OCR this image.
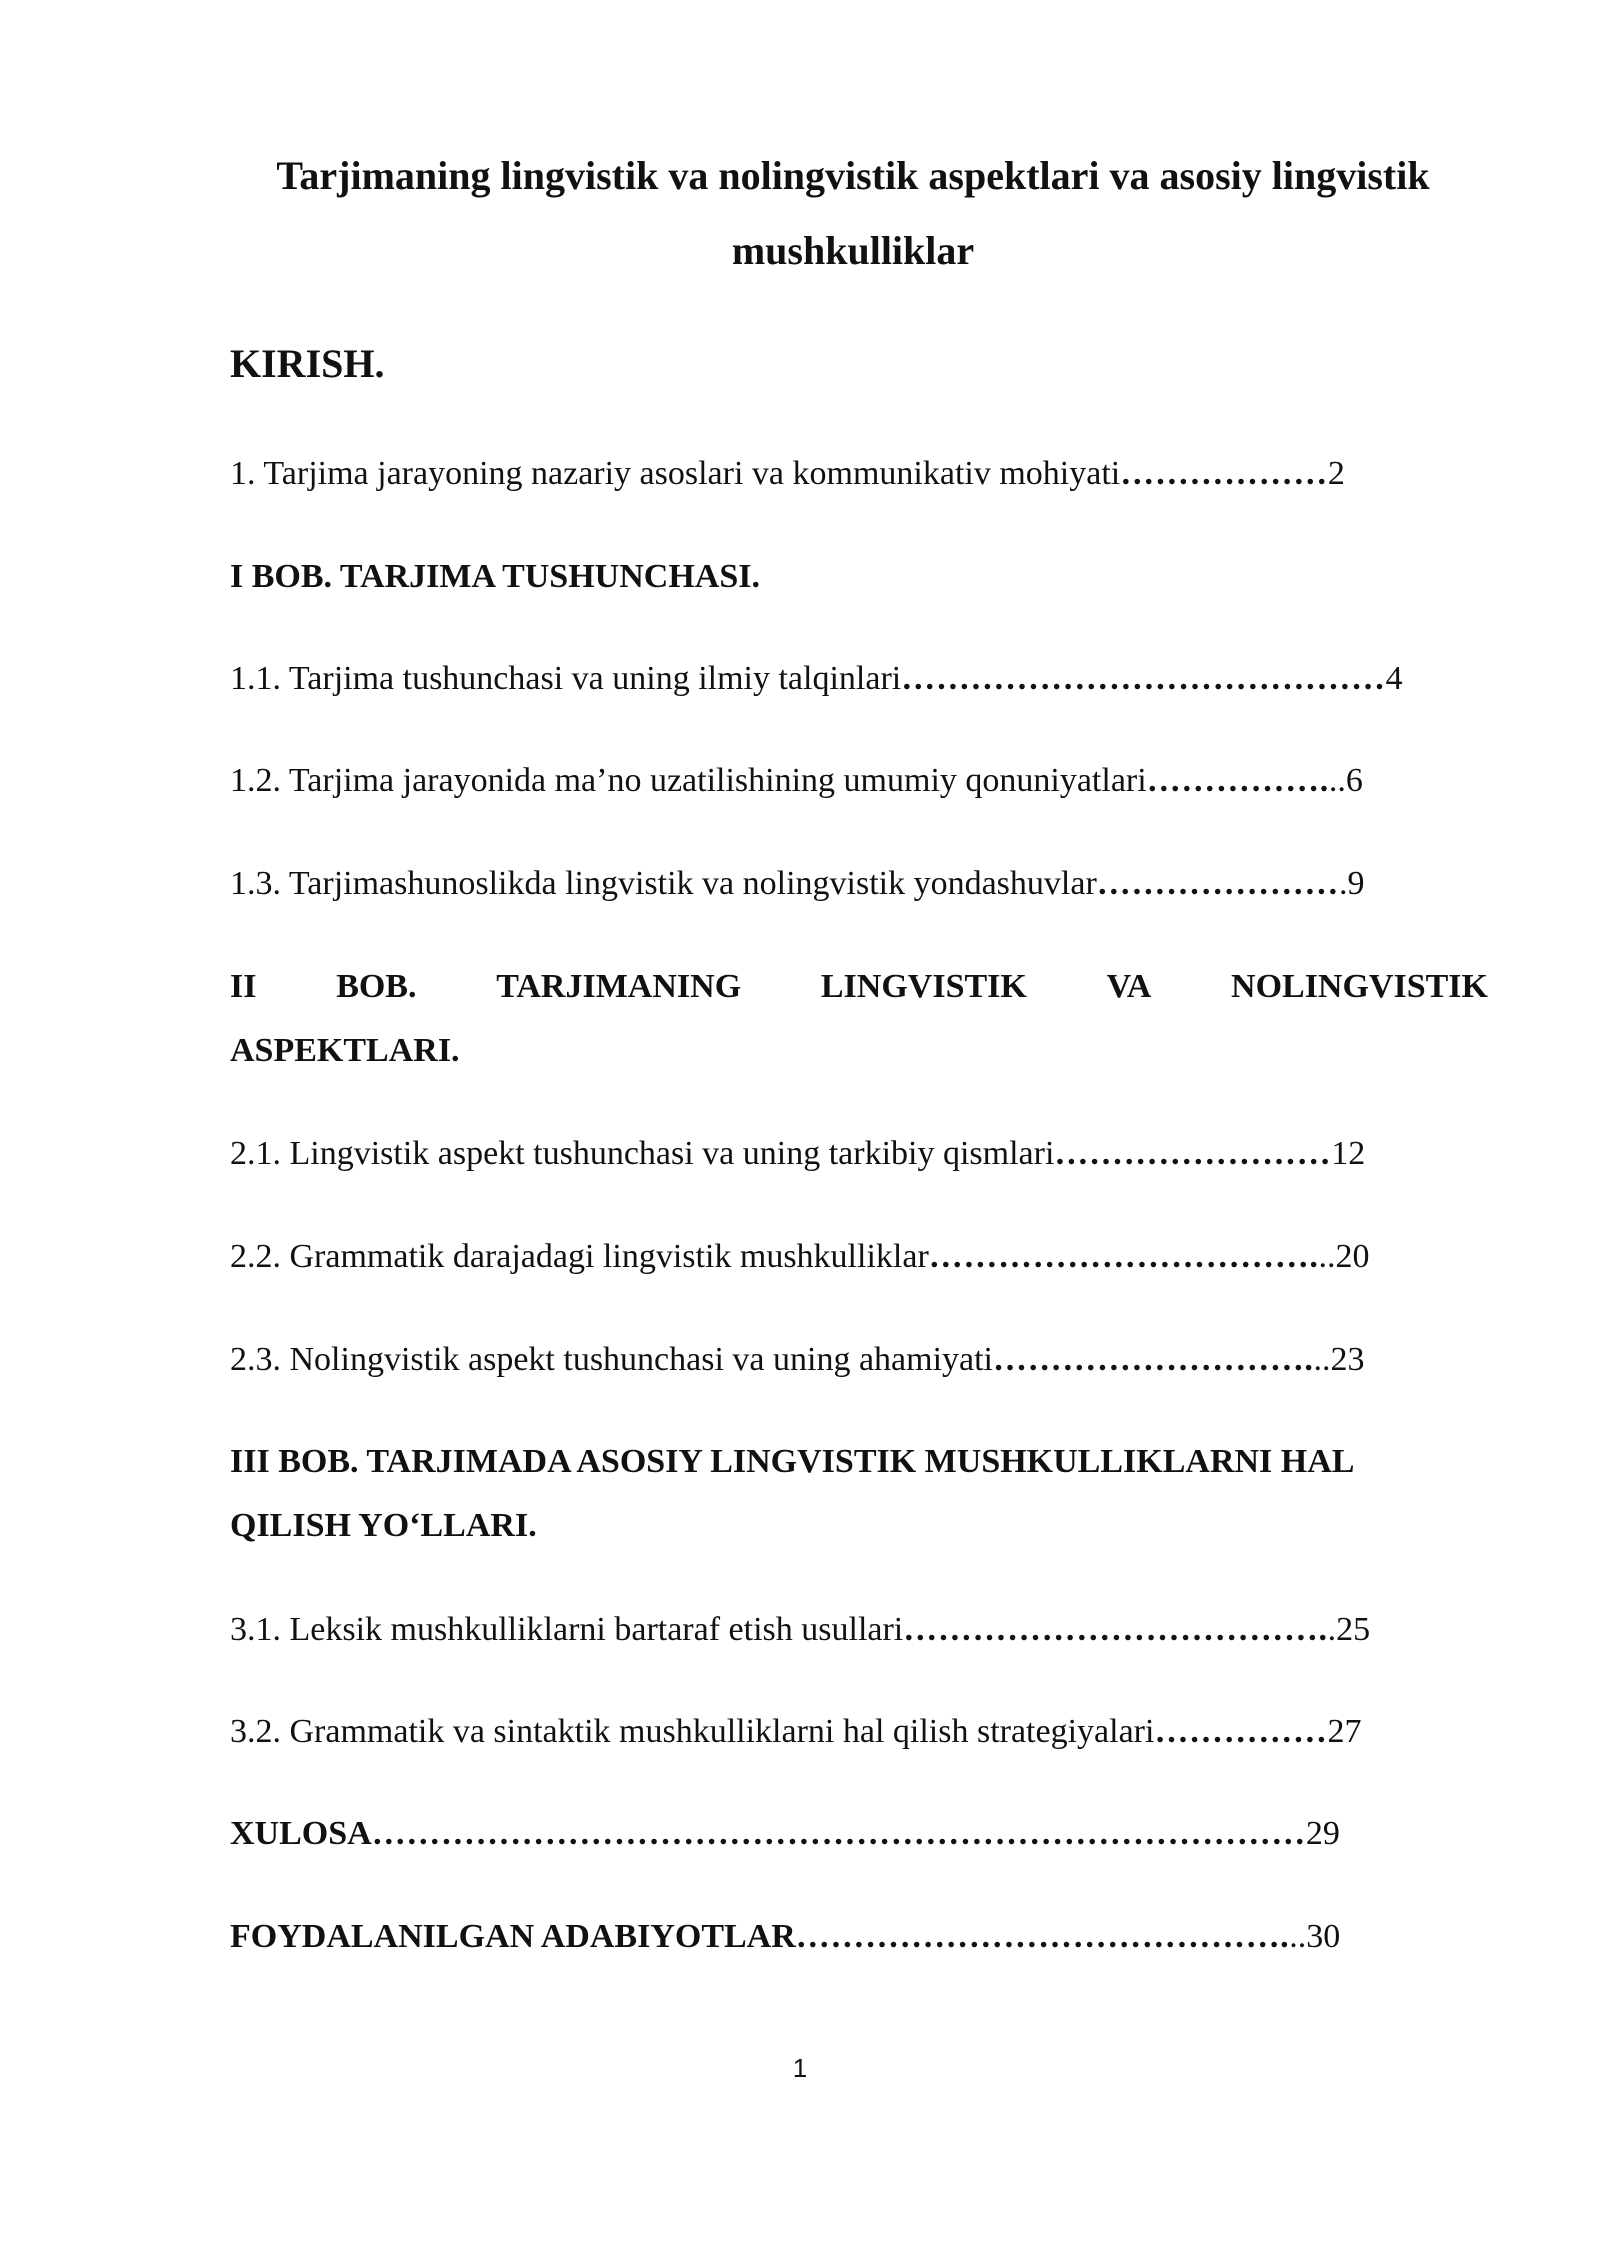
Tarjimaning lingvistik va nolingvistik aspektlari va asosiy lingvistik
mushkulliklar
KIRISH.
1. Tarjima jarayoning nazariy asoslari va kommunikativ mohiyati………………2
I BOB. TARJIMA TUSHUNCHASI.
1.1. Tarjima tushunchasi va uning ilmiy talqinlari……………………………………4
1.2. Tarjima jarayonida ma’no uzatilishining umumiy qonuniyatlari……………...6
1.3. Tarjimashunoslikda lingvistik va nolingvistik yondashuvlar………………….9
II BOB. TARJIMANING LINGVISTIK VA NOLINGVISTIK
ASPEKTLARI.
2.1. Lingvistik aspekt tushunchasi va uning tarkibiy qismlari……………………12
2.2. Grammatik darajadagi lingvistik mushkulliklar……………………………...20
2.3. Nolingvistik aspekt tushunchasi va uning ahamiyati………………………...23
III BOB. TARJIMADA ASOSIY LINGVISTIK MUSHKULLIKLARNI HAL
QILISH YO‘LLARI.
3.1. Leksik mushkulliklarni bartaraf etish usullari………………………………..25
3.2. Grammatik va sintaktik mushkulliklarni hal qilish strategiyalari……………27
XULOSA………………………………………………………………………29
FOYDALANILGAN ADABIYOTLAR……………………………………...30
1
